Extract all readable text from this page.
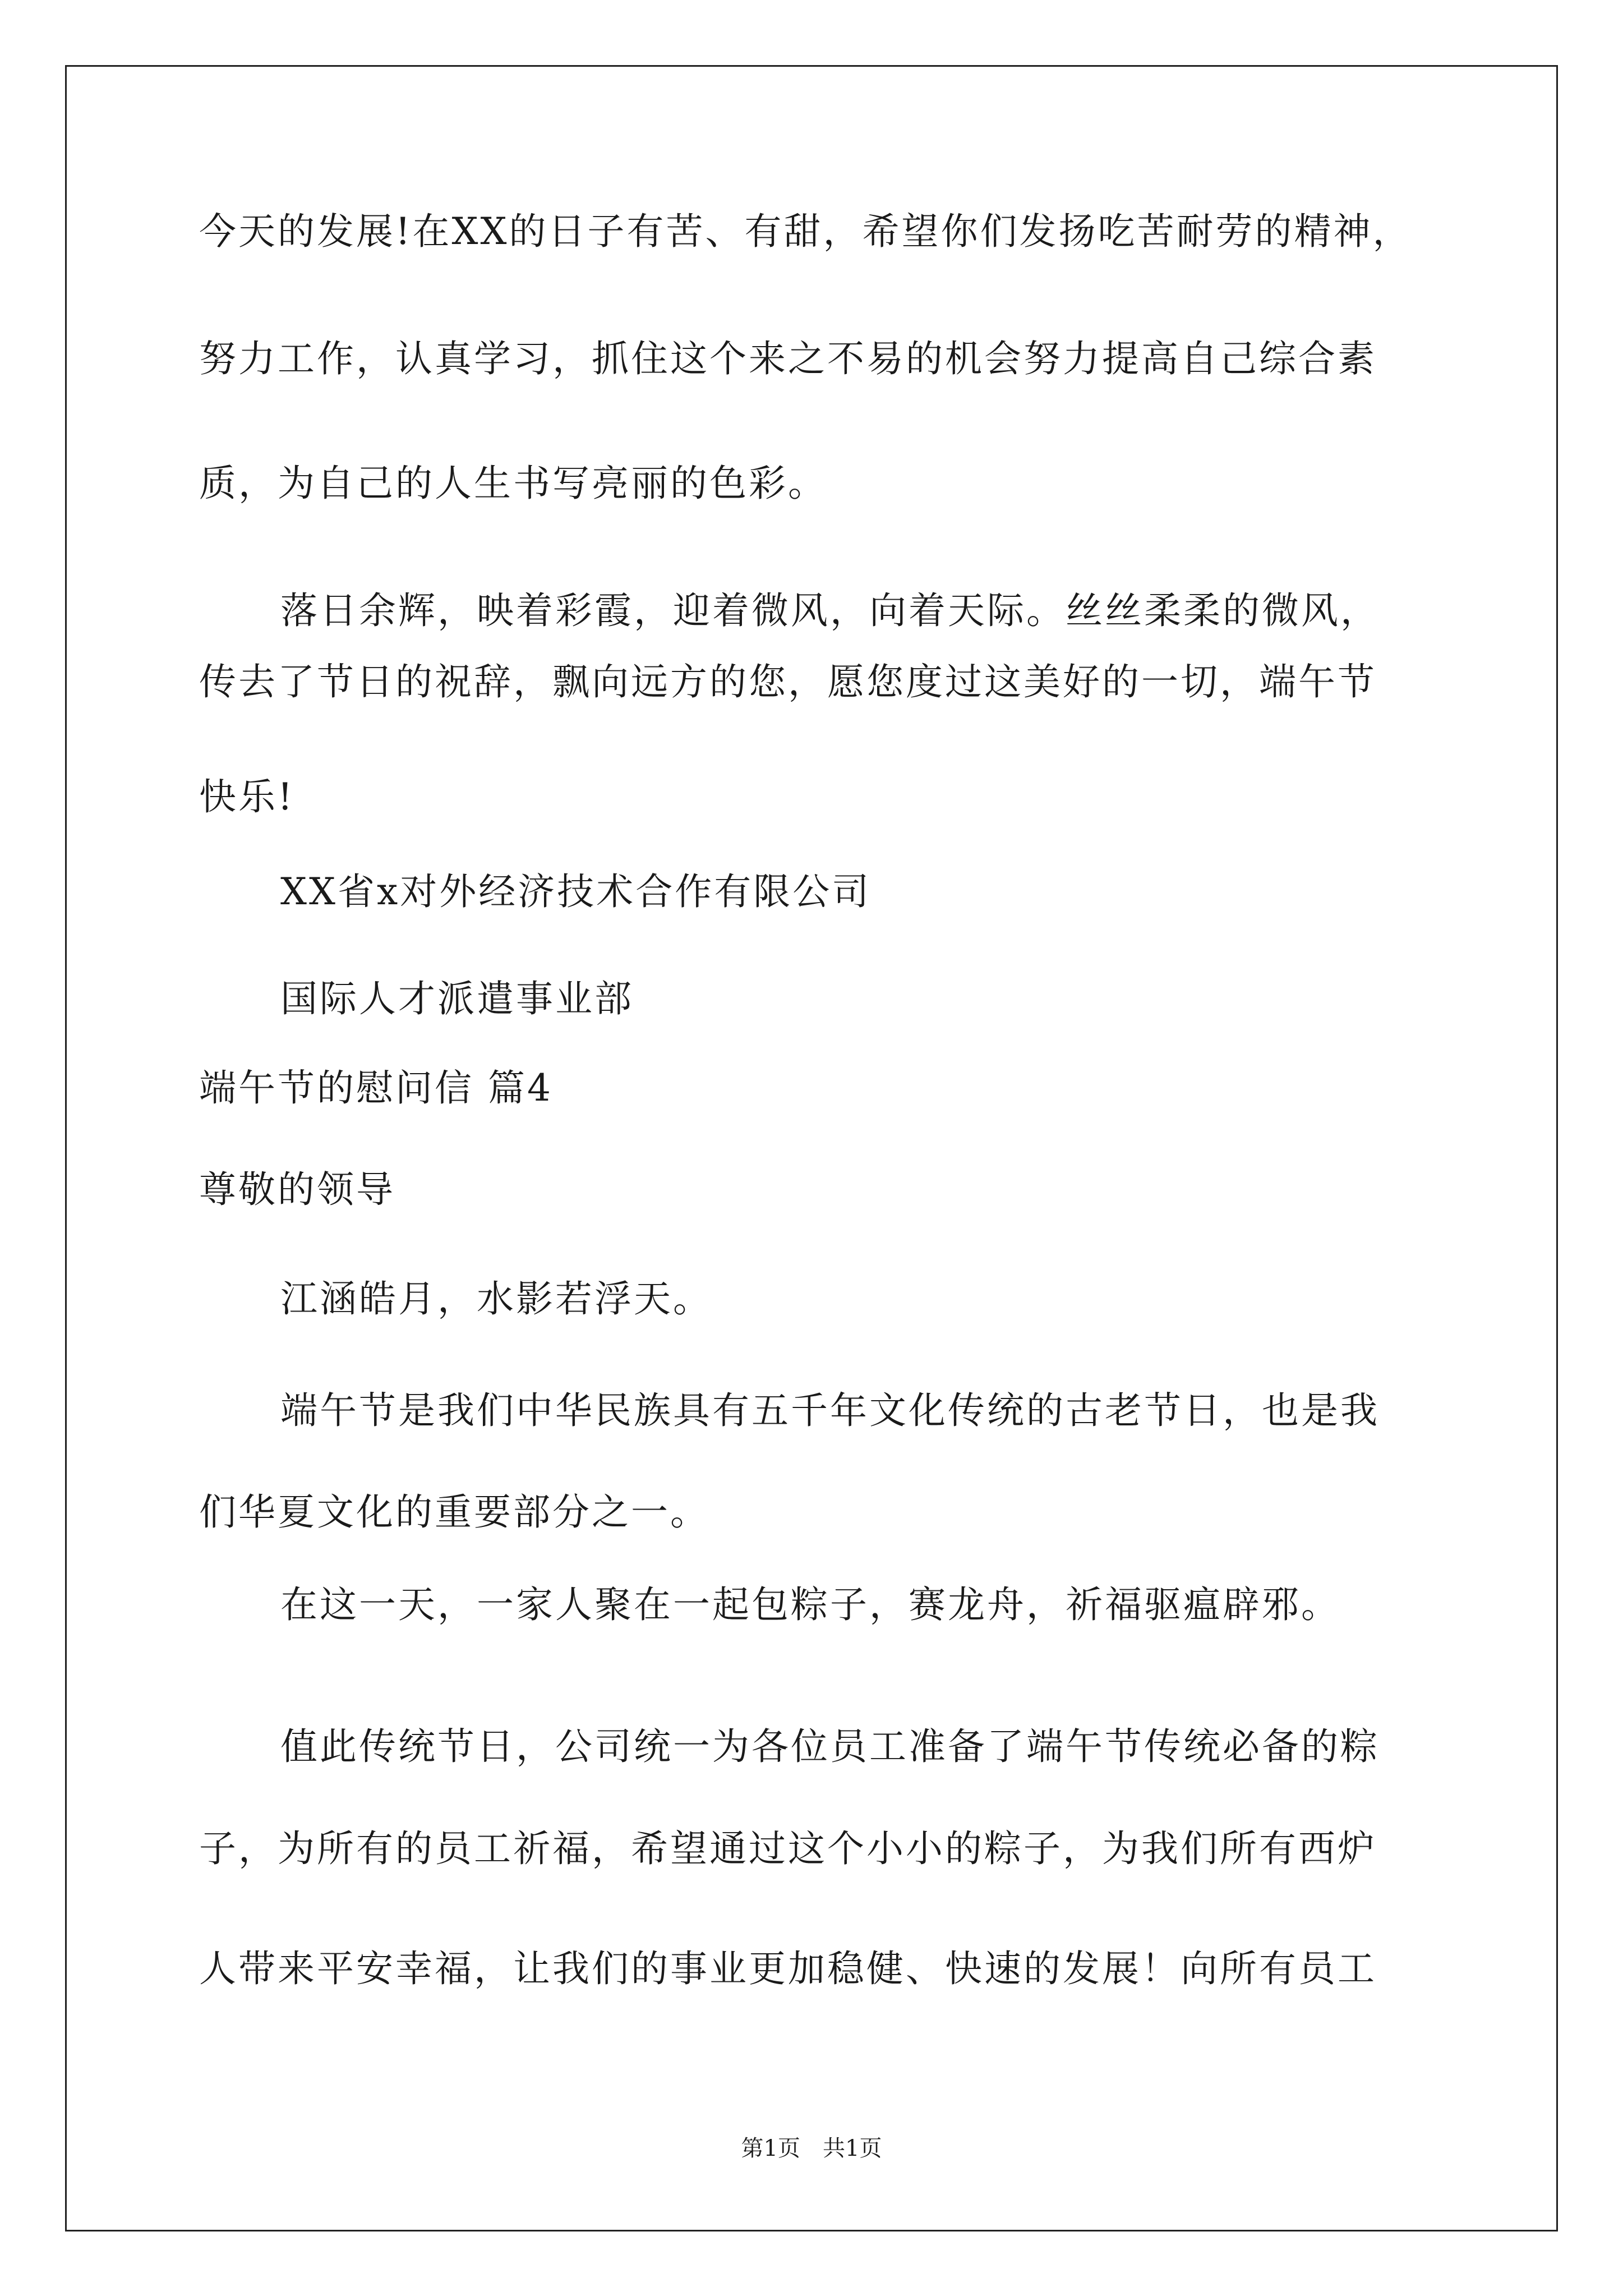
今天的发展!在XX的日子有苦、有甜，希望你们发扬吃苦耐劳的精神，
努力工作，认真学习，抓住这个来之不易的机会努力提高自己综合素
质，为自己的人生书写亮丽的色彩。
落日余辉，映着彩霞，迎着微风，向着天际。丝丝柔柔的微风，
传去了节日的祝辞，飘向远方的您，愿您度过这美好的一切，端午节
快乐!
XX省x对外经济技术合作有限公司
国际人才派遣事业部
端午节的慰问信 篇4
尊敬的领导
江涵皓月，水影若浮天。
端午节是我们中华民族具有五千年文化传统的古老节日，也是我
们华夏文化的重要部分之一。
在这一天，一家人聚在一起包粽子，赛龙舟，祈福驱瘟辟邪。
值此传统节日，公司统一为各位员工准备了端午节传统必备的粽
子，为所有的员工祈福，希望通过这个小小的粽子，为我们所有西炉
人带来平安幸福，让我们的事业更加稳健、快速的发展！向所有员工
第1页　共1页
